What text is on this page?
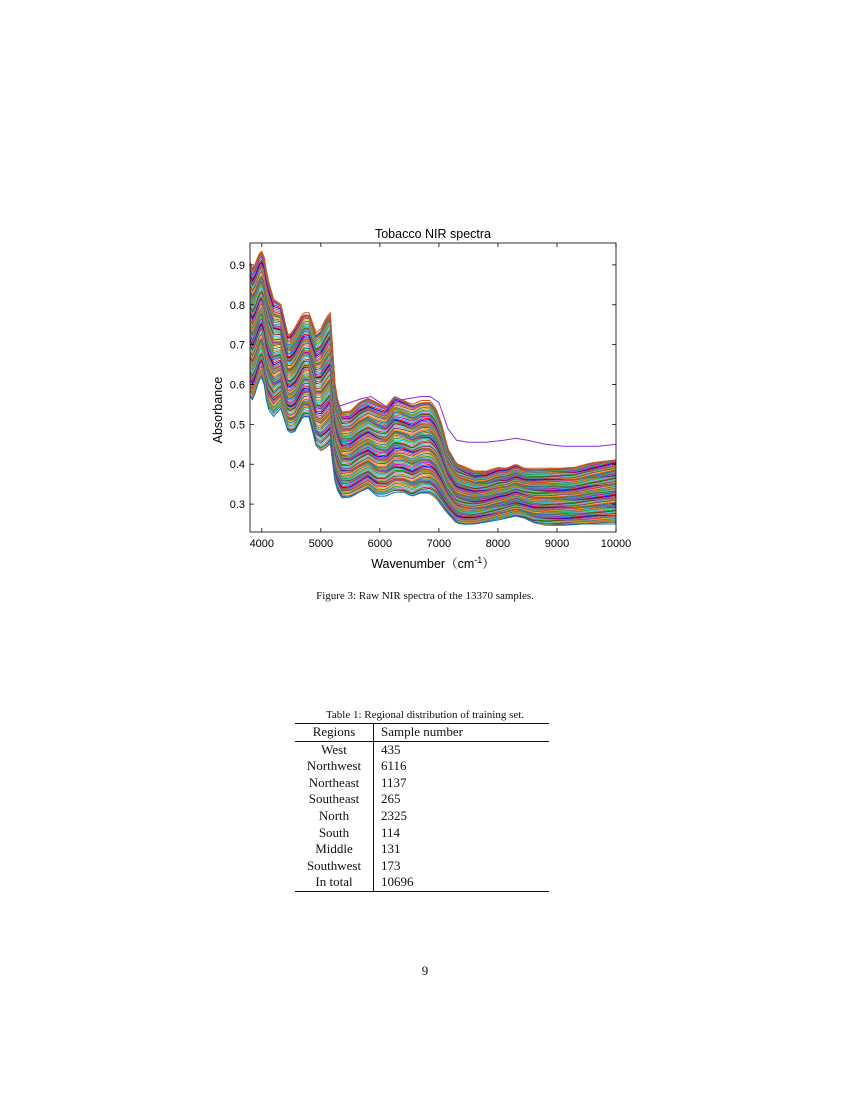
4000	5000	6000	7000	8000	9000	10000
0.3
0.4
0.5
0.6
0.7
0.8
0.9
Tobacco NIR spectra
Absorbance
$Wavenumber(cm^{-1})$
Figure 3: Raw NIR spectra of the 13370 samples.
Table 1: Regional distribution of training set.
Regions	Sample number
West	435
Northwest	6116
Northeast	1137
Southeast	265
North	2325
South	114
Middle	131
Southwest	173
In total	10696
9
